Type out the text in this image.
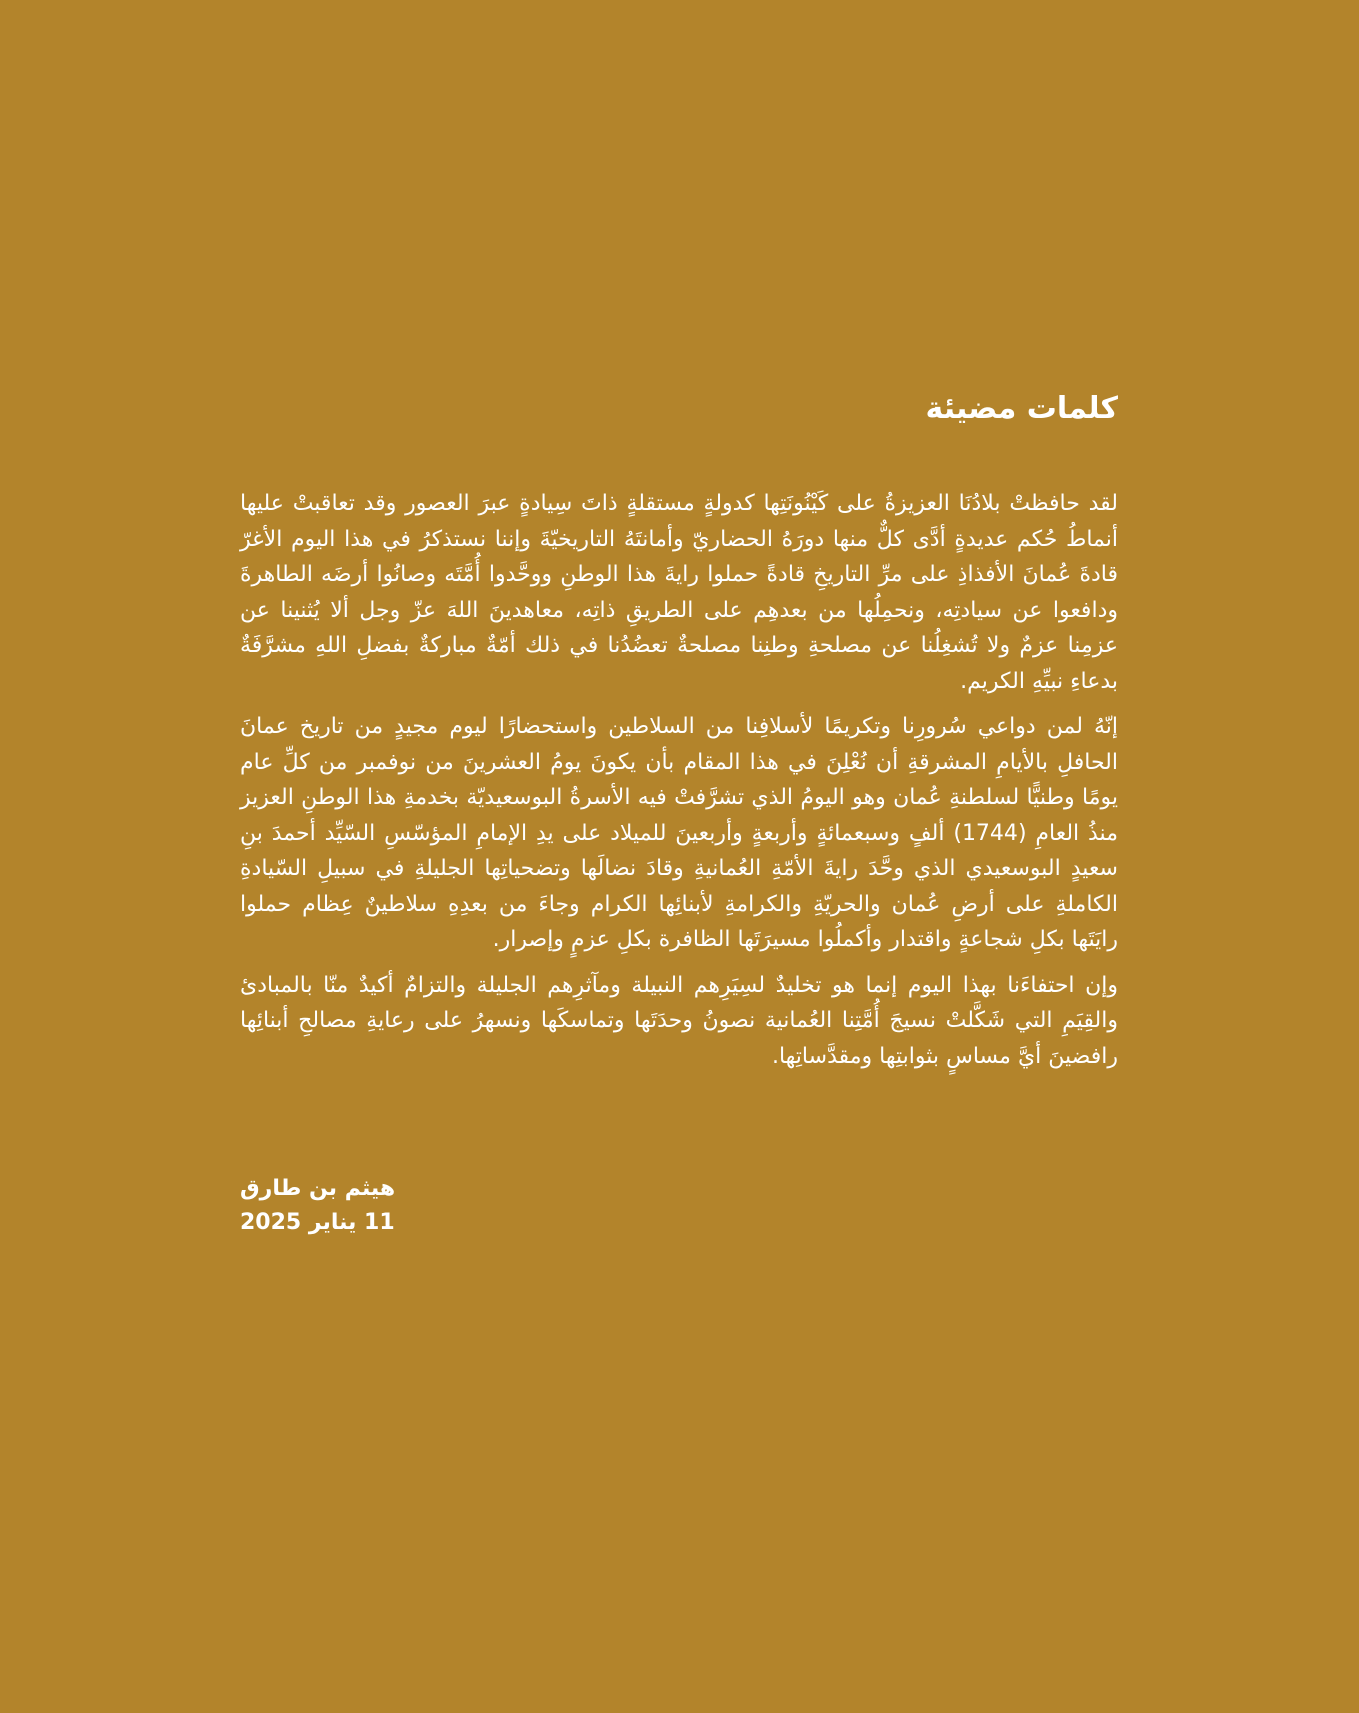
كلمات مضيئة

لقد حافظتْ بلادُنَا العزيزةُ على كَيْنُونَتِها كدولةٍ مستقلةٍ ذاتَ سِيادةٍ عبرَ العصور وقد تعاقبتْ عليها أنماطُ حُكم عديدةٍ أدَّى كلٌّ منها دورَهُ الحضاريّ وأمانتَهُ التاريخيّةَ وإننا نستذكرُ في هذا اليوم الأغرّ قادةَ عُمانَ الأفذاذِ على مرِّ التاريخِ قادةً حملوا رايةَ هذا الوطنِ ووحَّدوا أُمَّتَه وصانُوا أرضَه الطاهرةَ ودافعوا عن سيادتِه، ونحمِلُها من بعدهِم على الطريقِ ذاتِه، معاهدينَ اللهَ عزّ وجل ألا يُثنينا عن عزمِنا عزمٌ ولا تُشغِلُنا عن مصلحةِ وطنِنا مصلحةٌ تعضُدُنا في ذلك أمّةٌ مباركةٌ بفضلِ اللهِ مشرَّفَةٌ بدعاءِ نبيِّهِ الكريم.

إنّهُ لمن دواعي سُرورِنا وتكريمًا لأسلافِنا من السلاطين واستحضارًا ليوم مجيدٍ من تاريخ عمانَ الحافلِ بالأيامِ المشرقةِ أن نُعْلِنَ في هذا المقام بأن يكونَ يومُ العشرينَ من نوفمبر من كلِّ عام يومًا وطنيًّا لسلطنةِ عُمان وهو اليومُ الذي تشرَّفتْ فيه الأسرةُ البوسعيديّة بخدمةِ هذا الوطنِ العزيز منذُ العامِ (1744) ألفٍ وسبعمائةٍ وأربعةٍ وأربعينَ للميلاد على يدِ الإمامِ المؤسّسِ السّيِّد أحمدَ بنِ سعيدٍ البوسعيدي الذي وحَّدَ رايةَ الأمّةِ العُمانيةِ وقادَ نضالَها وتضحياتِها الجليلةِ في سبيلِ السّيادةِ الكاملةِ على أرضِ عُمان والحريّةِ والكرامةِ لأبنائِها الكرام وجاءَ من بعدِهِ سلاطينٌ عِظام حملوا رايَتَها بكلِ شجاعةٍ واقتدار وأكملُوا مسيرَتَها الظافرة بكلِ عزمٍ وإصرار.

وإن احتفاءَنا بهذا اليوم إنما هو تخليدٌ لسِيَرِهم النبيلة ومآثرِهم الجليلة والتزامٌ أكيدٌ منّا بالمبادئ والقِيَمِ التي شَكَّلتْ نسيجَ أُمَّتِنا العُمانية نصونُ وحدَتَها وتماسكَها ونسهرُ على رعايةِ مصالحِ أبنائِها رافضينَ أيَّ مساسٍ بثوابتِها ومقدَّساتِها.

هيثم بن طارق
11 يناير 2025
